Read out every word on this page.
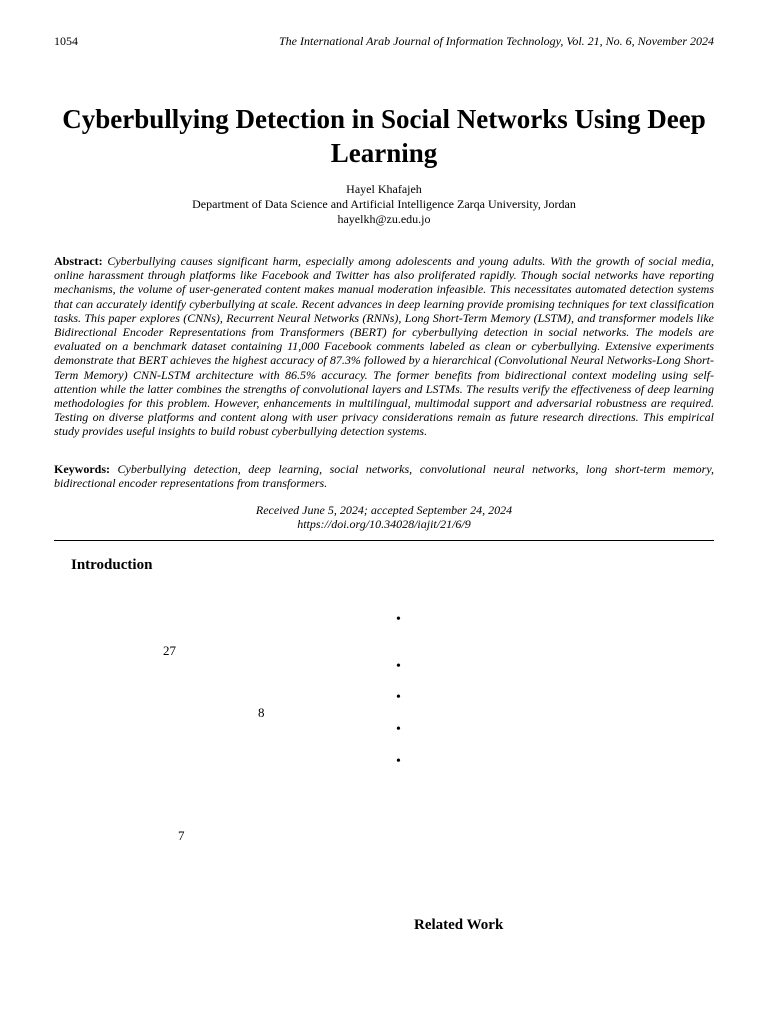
1054	The International Arab Journal of Information Technology, Vol. 21, No. 6, November 2024
Cyberbullying Detection in Social Networks Using Deep Learning
Hayel Khafajeh
Department of Data Science and Artificial Intelligence Zarqa University, Jordan
hayelkh@zu.edu.jo

Abstract: Cyberbullying causes significant harm, especially among adolescents and young adults. With the growth of social media, online harassment through platforms like Facebook and Twitter has also proliferated rapidly. Though social networks have reporting mechanisms, the volume of user-generated content makes manual moderation infeasible. This necessitates automated detection systems that can accurately identify cyberbullying at scale. Recent advances in deep learning provide promising techniques for text classification tasks. This paper explores (CNNs), Recurrent Neural Networks (RNNs), Long Short-Term Memory (LSTM), and transformer models like Bidirectional Encoder Representations from Transformers (BERT) for cyberbullying detection in social networks. The models are evaluated on a benchmark dataset containing 11,000 Facebook comments labeled as clean or cyberbullying. Extensive experiments demonstrate that BERT achieves the highest accuracy of 87.3% followed by a hierarchical (Convolutional Neural Networks-Long Short-Term Memory) CNN-LSTM architecture with 86.5% accuracy. The former benefits from bidirectional context modeling using self-attention while the latter combines the strengths of convolutional layers and LSTMs. The results verify the effectiveness of deep learning methodologies for this problem. However, enhancements in multilingual, multimodal support and adversarial robustness are required. Testing on diverse platforms and content along with user privacy considerations remain as future research directions. This empirical study provides useful insights to build robust cyberbullying detection systems.

Keywords: Cyberbullying detection, deep learning, social networks, convolutional neural networks, long short-term memory, bidirectional encoder representations from transformers.

Received June 5, 2024; accepted September 24, 2024
https://doi.org/10.34028/iajit/21/6/9
Introduction
27
8
7
•
•
•
•
•
Related Work
